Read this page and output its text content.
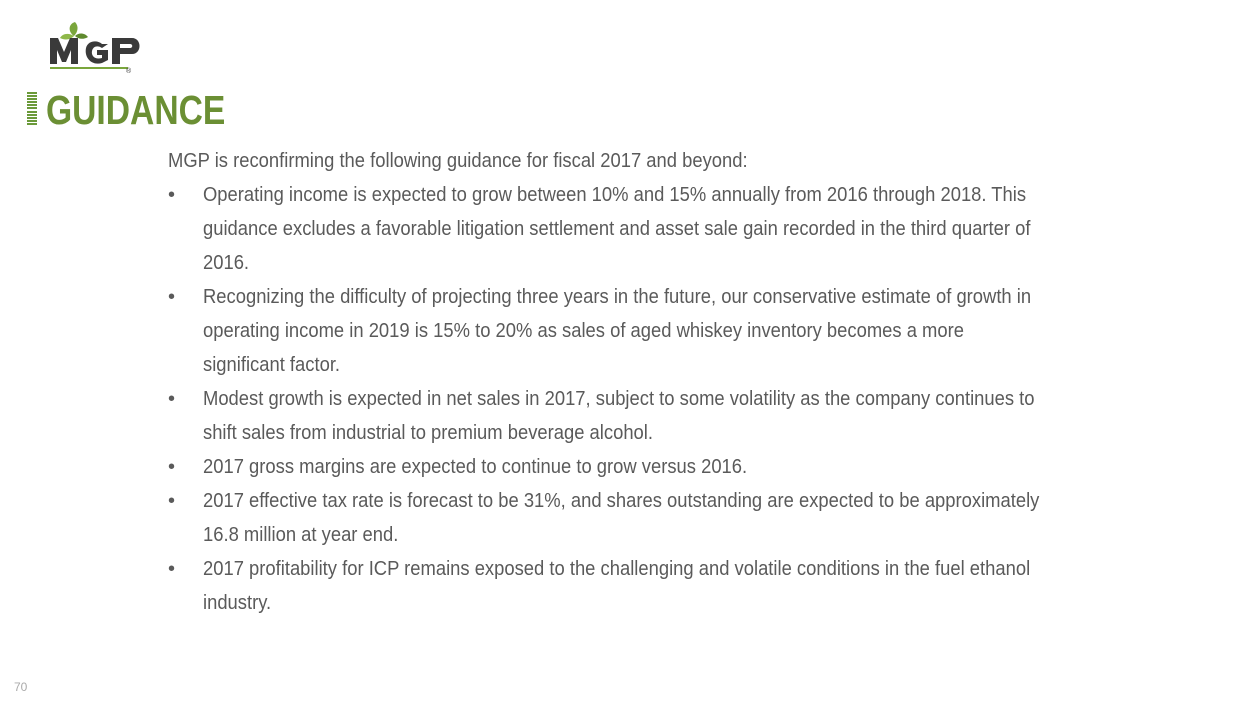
®
GUIDANCE

MGP is reconfirming the following guidance for fiscal 2017 and beyond:

• Operating income is expected to grow between 10% and 15% annually from 2016 through 2018. This
guidance excludes a favorable litigation settlement and asset sale gain recorded in the third quarter of
2016.
• Recognizing the difficulty of projecting three years in the future, our conservative estimate of growth in
operating income in 2019 is 15% to 20% as sales of aged whiskey inventory becomes a more
significant factor.
• Modest growth is expected in net sales in 2017, subject to some volatility as the company continues to
shift sales from industrial to premium beverage alcohol.
• 2017 gross margins are expected to continue to grow versus 2016.
• 2017 effective tax rate is forecast to be 31%, and shares outstanding are expected to be approximately
16.8 million at year end.
• 2017 profitability for ICP remains exposed to the challenging and volatile conditions in the fuel ethanol
industry.
70
